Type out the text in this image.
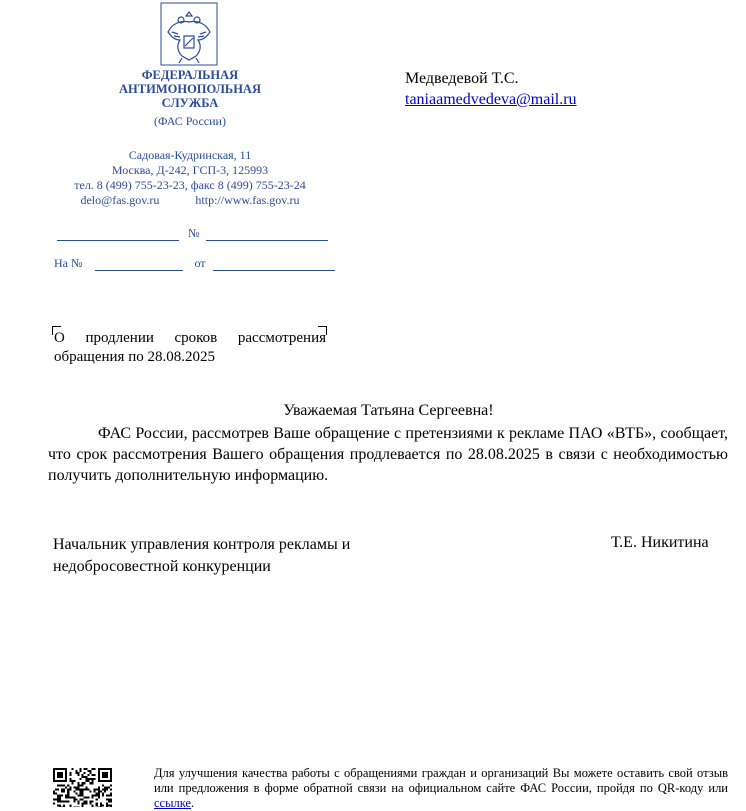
ФЕДЕРАЛЬНАЯ
АНТИМОНОПОЛЬНАЯ
СЛУЖБА
(ФАС России)
Садовая-Кудринская, 11
Москва, Д-242, ГСП-3, 125993
тел. 8 (499) 755-23-23, факс 8 (499) 755-23-24
delo@fas.gov.ru	http://www.fas.gov.ru
№
На №	от
Медведевой Т.С.
taniaamedvedeva@mail.ru
О продлении сроков рассмотрения
обращения по 28.08.2025
Уважаемая Татьяна Сергеевна!
ФАС России, рассмотрев Ваше обращение с претензиями к рекламе ПАО «ВТБ», сообщает, что срок рассмотрения Вашего обращения продлевается по 28.08.2025 в связи с необходимостью получить дополнительную информацию.
Начальник управления контроля рекламы и
недобросовестной конкуренции
Т.Е. Никитина
Для улучшения качества работы с обращениями граждан и организаций Вы можете оставить свой отзыв или предложения в форме обратной связи на официальном сайте ФАС России, пройдя по QR-коду или ссылке.
